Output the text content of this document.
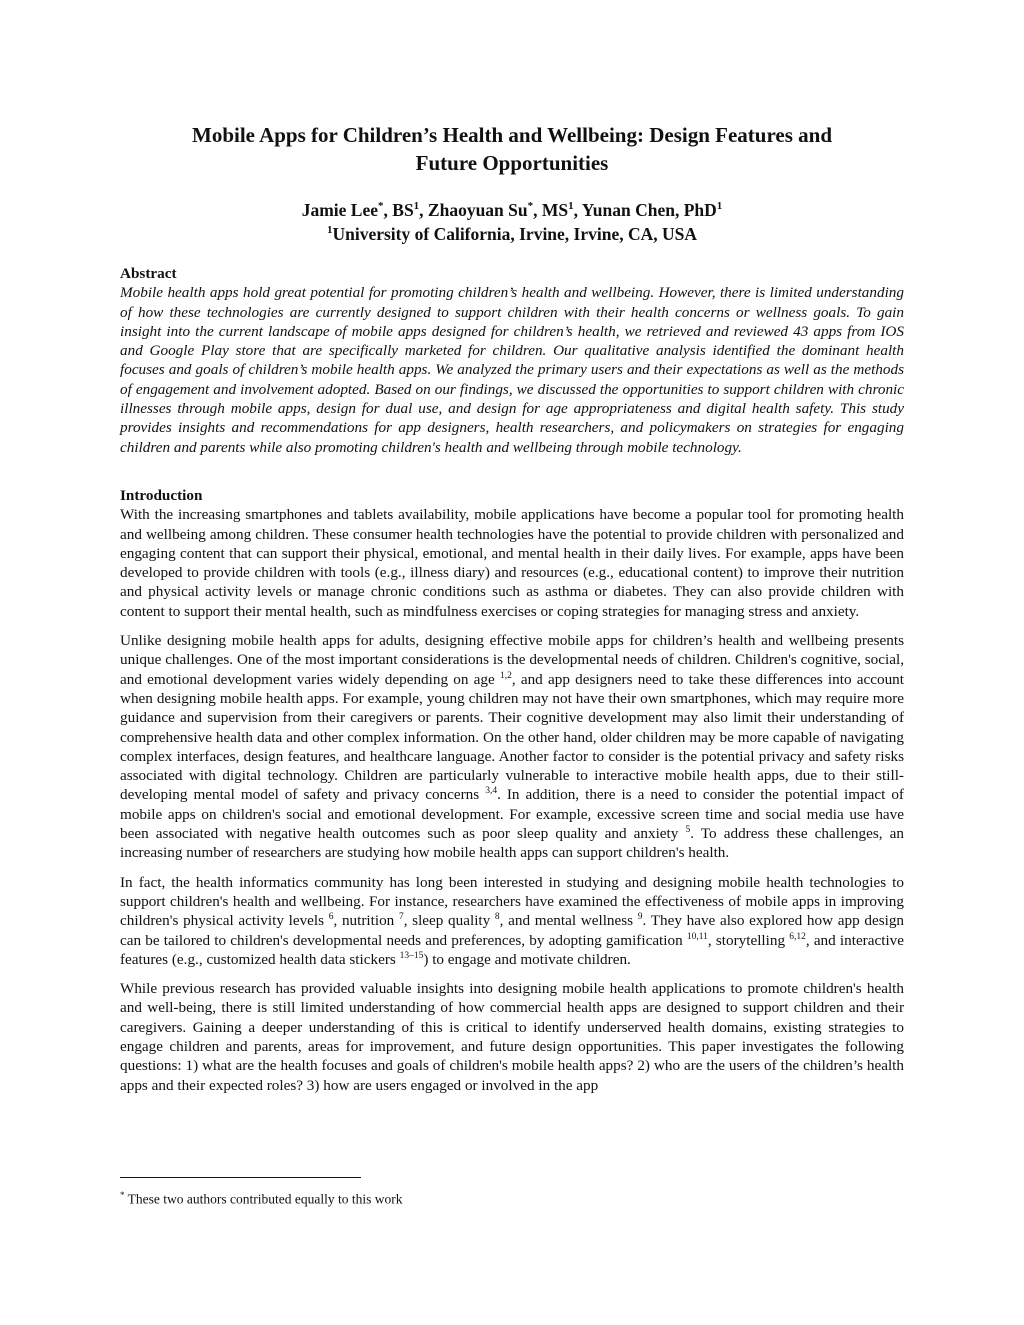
Mobile Apps for Children’s Health and Wellbeing: Design Features and
Future Opportunities
Jamie Lee*, $BS^1$, Zhaoyuan Su*, $MS^1$, Yunan Chen, PhD$^1$
$^1$University of California, Irvine, Irvine, CA, USA
Abstract
Mobile health apps hold great potential for promoting children’s health and wellbeing. However, there is limited understanding of how these technologies are currently designed to support children with their health concerns or wellness goals. To gain insight into the current landscape of mobile apps designed for children’s health, we retrieved and reviewed 43 apps from IOS and Google Play store that are specifically marketed for children. Our qualitative analysis identified the dominant health focuses and goals of children’s mobile health apps. We analyzed the primary users and their expectations as well as the methods of engagement and involvement adopted. Based on our findings, we discussed the opportunities to support children with chronic illnesses through mobile apps, design for dual use, and design for age appropriateness and digital health safety. This study provides insights and recommendations for app designers, health researchers, and policymakers on strategies for engaging children and parents while also promoting children's health and wellbeing through mobile technology.
Introduction

With the increasing smartphones and tablets availability, mobile applications have become a popular tool for promoting health and wellbeing among children. These consumer health technologies have the potential to provide children with personalized and engaging content that can support their physical, emotional, and mental health in their daily lives. For example, apps have been developed to provide children with tools (e.g., illness diary) and resources (e.g., educational content) to improve their nutrition and physical activity levels or manage chronic conditions such as asthma or diabetes. They can also provide children with content to support their mental health, such as mindfulness exercises or coping strategies for managing stress and anxiety.

Unlike designing mobile health apps for adults, designing effective mobile apps for children’s health and wellbeing presents unique challenges. One of the most important considerations is the developmental needs of children. Children's cognitive, social, and emotional development varies widely depending on age $^{1,2}$, and app designers need to take these differences into account when designing mobile health apps. For example, young children may not have their own smartphones, which may require more guidance and supervision from their caregivers or parents. Their cognitive development may also limit their understanding of comprehensive health data and other complex information. On the other hand, older children may be more capable of navigating complex interfaces, design features, and healthcare language. Another factor to consider is the potential privacy and safety risks associated with digital technology. Children are particularly vulnerable to interactive mobile health apps, due to their still-developing mental model of safety and privacy concerns $^{3,4}$. In addition, there is a need to consider the potential impact of mobile apps on children's social and emotional development. For example, excessive screen time and social media use have been associated with negative health outcomes such as poor sleep quality and anxiety $^5$. To address these challenges, an increasing number of researchers are studying how mobile health apps can support children's health.

In fact, the health informatics community has long been interested in studying and designing mobile health technologies to support children's health and wellbeing. For instance, researchers have examined the effectiveness of mobile apps in improving children's physical activity levels $^6$, nutrition $^7$, sleep quality $^8$, and mental wellness $^9$. They have also explored how app design can be tailored to children's developmental needs and preferences, by adopting gamification $^{10,11}$, storytelling $^{6,12}$, and interactive features (e.g., customized health data stickers $^{13-15}$) to engage and motivate children.

While previous research has provided valuable insights into designing mobile health applications to promote children's health and well-being, there is still limited understanding of how commercial health apps are designed to support children and their caregivers. Gaining a deeper understanding of this is critical to identify underserved health domains, existing strategies to engage children and parents, areas for improvement, and future design opportunities. This paper investigates the following questions: 1) what are the health focuses and goals of children's mobile health apps? 2) who are the users of the children’s health apps and their expected roles? 3) how are users engaged or involved in the app

* These two authors contributed equally to this work
